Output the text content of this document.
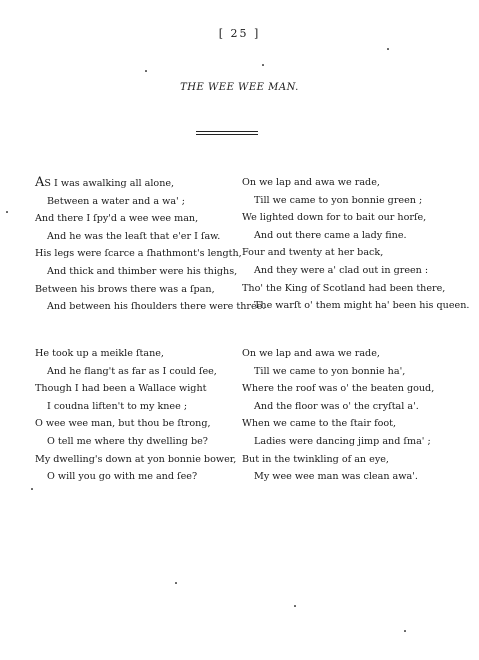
[ 25 ]
THE WEE WEE MAN.
AS I was awalking all alone,
Between a water and a wa' ;
And there I ſpy'd a wee wee man,
And he was the leaſt that e'er I ſaw.
His legs were ſcarce a ſhathmont's length,
And thick and thimber were his thighs,
Between his brows there was a ſpan,
And between his ſhoulders there were three.
On we lap and awa we rade,
Till we came to yon bonnie green ;
We lighted down for to bait our horſe,
And out there came a lady fine.
Four and twenty at her back,
And they were a' clad out in green :
Tho' the King of Scotland had been there,
The warſt o' them might ha' been his queen.
He took up a meikle ſtane,
And he flang't as far as I could ſee,
Though I had been a Wallace wight
I coudna liften't to my knee ;
O wee wee man, but thou be ſtrong,
O tell me where thy dwelling be?
My dwelling's down at yon bonnie bower,
O will you go with me and ſee?
On we lap and awa we rade,
Till we came to yon bonnie ha',
Where the roof was o' the beaten goud,
And the floor was o' the cryſtal a'.
When we came to the ſtair foot,
Ladies were dancing jimp and ſma' ;
But in the twinkling of an eye,
My wee wee man was clean awa'.
